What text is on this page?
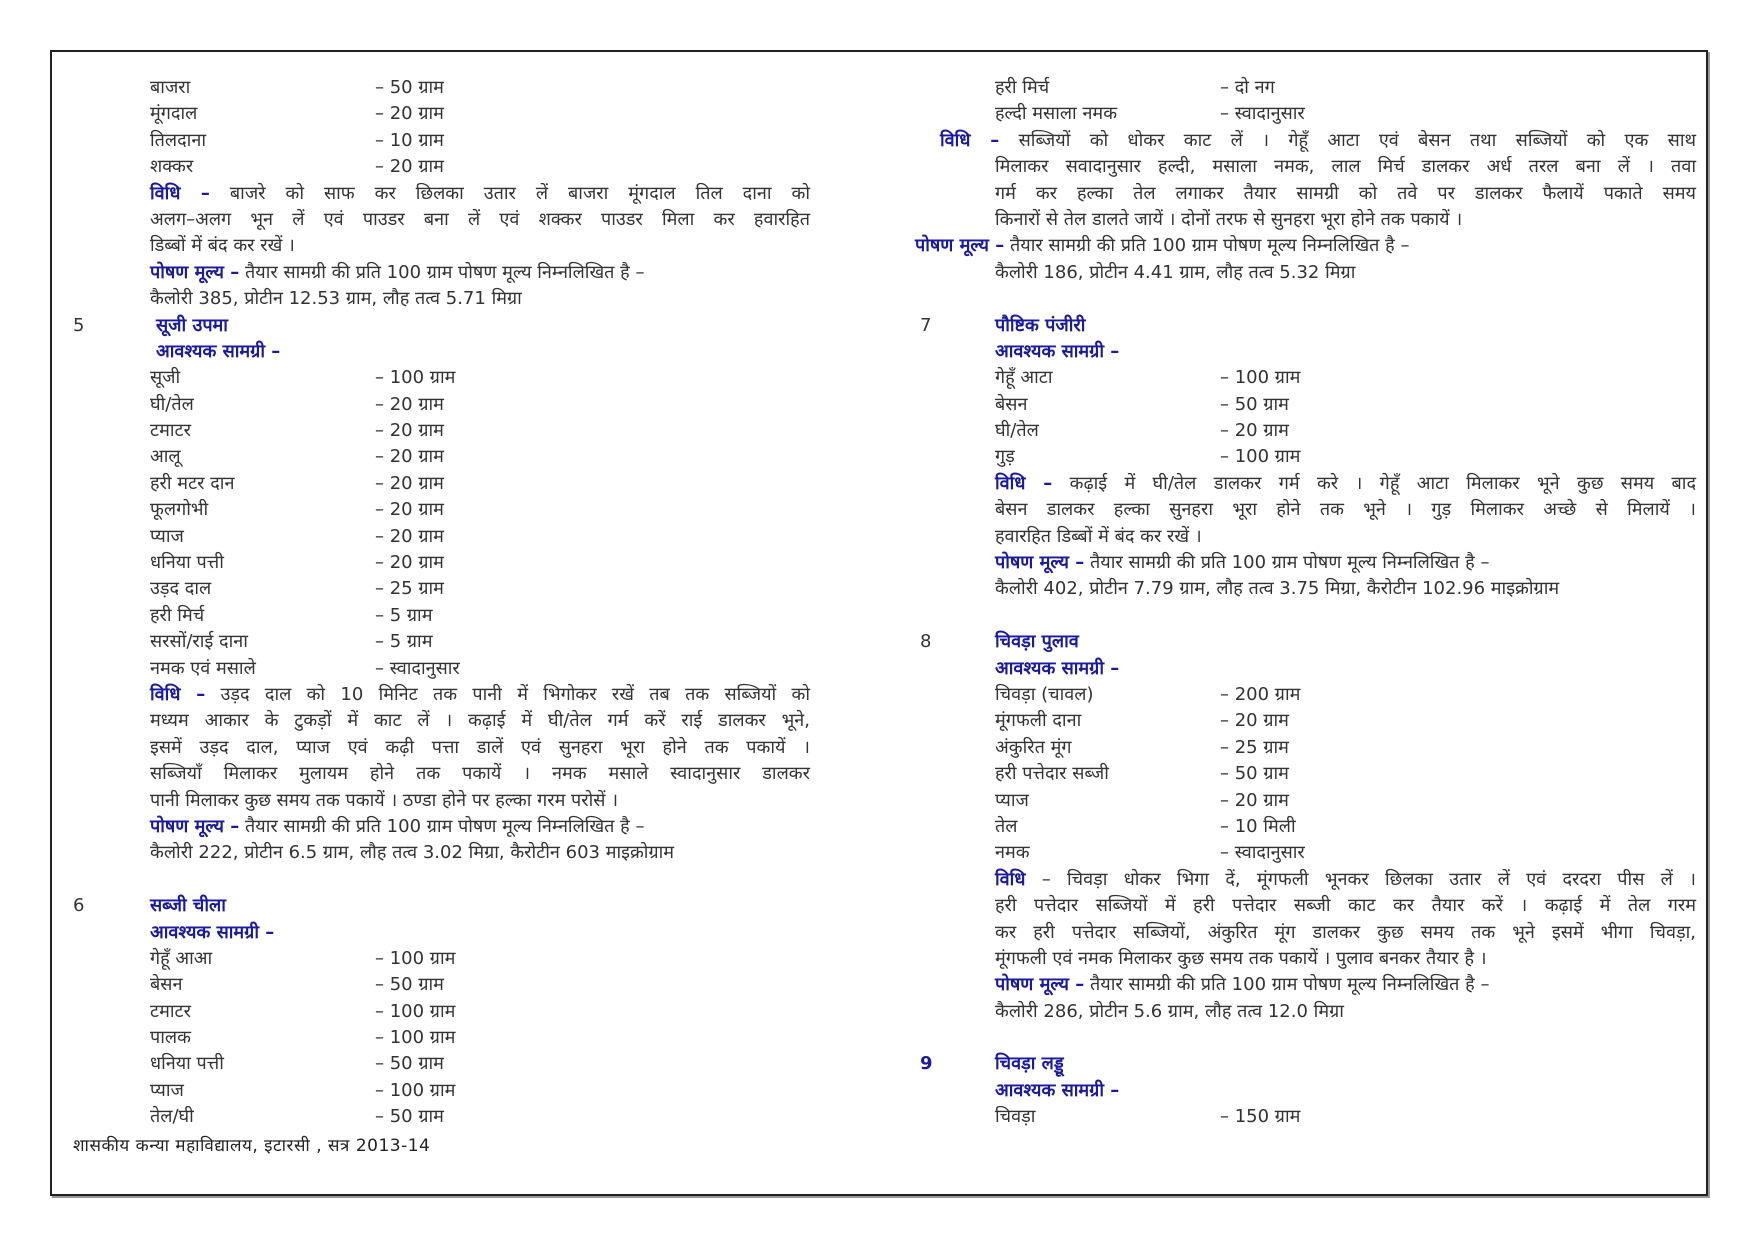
बाजरा	– 50 ग्राम
मूंगदाल	– 20 ग्राम
तिलदाना	– 10 ग्राम
शक्कर	– 20 ग्राम
विधि – बाजरे को साफ कर छिलका उतार लें बाजरा मूंगदाल तिल दाना को
अलग–अलग भून लें एवं पाउडर बना लें एवं शक्कर पाउडर मिला कर हवारहित
डिब्बों में बंद कर रखें ।
पोषण मूल्य – तैयार सामग्री की प्रति 100 ग्राम पोषण मूल्य निम्नलिखित है –
कैलोरी 385, प्रोटीन 12.53 ग्राम, लौह तत्व 5.71 मिग्रा
5	सूजी उपमा
आवश्यक सामग्री –
सूजी	– 100 ग्राम
घी/तेल	– 20 ग्राम
टमाटर	– 20 ग्राम
आलू	– 20 ग्राम
हरी मटर दान	– 20 ग्राम
फूलगोभी	– 20 ग्राम
प्याज	– 20 ग्राम
धनिया पत्ती	– 20 ग्राम
उड़द दाल	– 25 ग्राम
हरी मिर्च	– 5 ग्राम
सरसों/राई दाना	– 5 ग्राम
नमक एवं मसाले	– स्वादानुसार
विधि – उड़द दाल को 10 मिनिट तक पानी में भिगोकर रखें तब तक सब्जियों को
मध्यम आकार के टुकड़ों में काट लें । कढ़ाई में घी/तेल गर्म करें राई डालकर भूने,
इसमें उड़द दाल, प्याज एवं कढ़ी पत्ता डालें एवं सुनहरा भूरा होने तक पकायें ।
सब्जियॉं मिलाकर मुलायम होने तक पकायें । नमक मसाले स्वादानुसार डालकर
पानी मिलाकर कुछ समय तक पकायें । ठण्डा होने पर हल्का गरम परोसें ।
पोषण मूल्य – तैयार सामग्री की प्रति 100 ग्राम पोषण मूल्य निम्नलिखित है –
कैलोरी 222, प्रोटीन 6.5 ग्राम, लौह तत्व 3.02 मिग्रा, कैरोटीन 603 माइक्रोग्राम
6	सब्जी चीला
आवश्यक सामग्री –
गेहूँ आआ	– 100 ग्राम
बेसन	– 50 ग्राम
टमाटर	– 100 ग्राम
पालक	– 100 ग्राम
धनिया पत्ती	– 50 ग्राम
प्याज	– 100 ग्राम
तेल/घी	– 50 ग्राम
शासकीय कन्या महाविद्यालय, इटारसी , सत्र 2013-14
हरी मिर्च	– दो नग
हल्दी मसाला नमक	– स्वादानुसार
विधि – सब्जियों को धोकर काट लें । गेहूँ आटा एवं बेसन तथा सब्जियों को एक साथ
मिलाकर सवादानुसार हल्दी, मसाला नमक, लाल मिर्च डालकर अर्ध तरल बना लें । तवा
गर्म कर हल्का तेल लगाकर तैयार सामग्री को तवे पर डालकर फैलायें पकाते समय
किनारों से तेल डालते जायें । दोनों तरफ से सुनहरा भूरा होने तक पकायें ।
पोषण मूल्य – तैयार सामग्री की प्रति 100 ग्राम पोषण मूल्य निम्नलिखित है –
कैलोरी 186, प्रोटीन 4.41 ग्राम, लौह तत्व 5.32 मिग्रा
7	पौष्टिक पंजीरी
आवश्यक सामग्री –
गेहूँ आटा	– 100 ग्राम
बेसन	– 50 ग्राम
घी/तेल	– 20 ग्राम
गुड़	– 100 ग्राम
विधि – कढ़ाई में घी/तेल डालकर गर्म करे । गेहूँ आटा मिलाकर भूने कुछ समय बाद
बेसन डालकर हल्का सुनहरा भूरा होने तक भूने । गुड़ मिलाकर अच्छे से मिलायें ।
हवारहित डिब्बों में बंद कर रखें ।
पोषण मूल्य – तैयार सामग्री की प्रति 100 ग्राम पोषण मूल्य निम्नलिखित है –
कैलोरी 402, प्रोटीन 7.79 ग्राम, लौह तत्व 3.75 मिग्रा, कैरोटीन 102.96 माइक्रोग्राम
8	चिवड़ा पुलाव
आवश्यक सामग्री –
चिवड़ा (चावल)	– 200 ग्राम
मूंगफली दाना	– 20 ग्राम
अंकुरित मूंग	– 25 ग्राम
हरी पत्तेदार सब्जी	– 50 ग्राम
प्याज	– 20 ग्राम
तेल	– 10 मिली
नमक	– स्वादानुसार
विधि – चिवड़ा धोकर भिगा दें, मूंगफली भूनकर छिलका उतार लें एवं दरदरा पीस लें ।
हरी पत्तेदार सब्जियों में हरी पत्तेदार सब्जी काट कर तैयार करें । कढ़ाई में तेल गरम
कर हरी पत्तेदार सब्जियों, अंकुरित मूंग डालकर कुछ समय तक भूने इसमें भीगा चिवड़ा,
मूंगफली एवं नमक मिलाकर कुछ समय तक पकायें । पुलाव बनकर तैयार है ।
पोषण मूल्य – तैयार सामग्री की प्रति 100 ग्राम पोषण मूल्य निम्नलिखित है –
कैलोरी 286, प्रोटीन 5.6 ग्राम, लौह तत्व 12.0 मिग्रा
9	चिवड़ा लड्डू
आवश्यक सामग्री –
चिवड़ा	– 150 ग्राम
